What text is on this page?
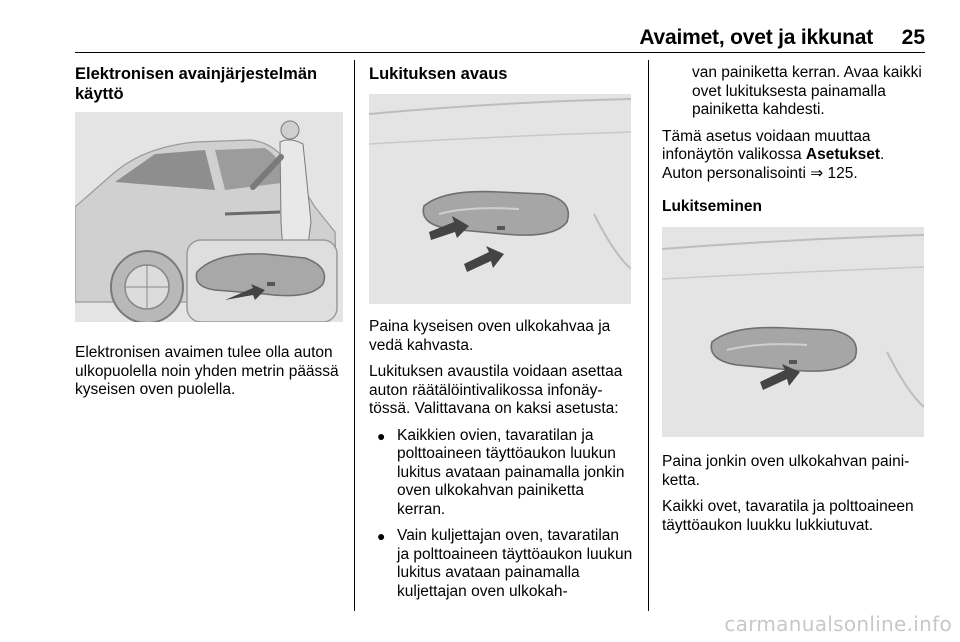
Avaimet, ovet ja ikkunat 25
Elektronisen avainjärjestelmän käyttö

Elektronisen avaimen tulee olla auton ulkopuolella noin yhden metrin päässä kyseisen oven puolella.

Lukituksen avaus

Paina kyseisen oven ulkokahvaa ja vedä kahvasta.

Lukituksen avaustila voidaan asettaa auton räätälöintivalikossa infonäytössä. Valittavana on kaksi asetusta:

● Kaikkien ovien, tavaratilan ja polttoaineen täyttöaukon luukun lukitus avataan painamalla jonkin oven ulkokahvan painiketta kerran.
● Vain kuljettajan oven, tavaratilan ja polttoaineen täyttöaukon luukun lukitus avataan painamalla kuljettajan oven ulkokah-

van painiketta kerran. Avaa kaikki ovet lukituksesta painamalla painiketta kahdesti.

Tämä asetus voidaan muuttaa infonäytön valikossa Asetukset.
Auton personalisointi ⇒ 125.

Lukitseminen

Paina jonkin oven ulkokahvan painiketta.

Kaikki ovet, tavaratila ja polttoaineen täyttöaukon luukku lukkiutuvat.

carmanualsonline.info
